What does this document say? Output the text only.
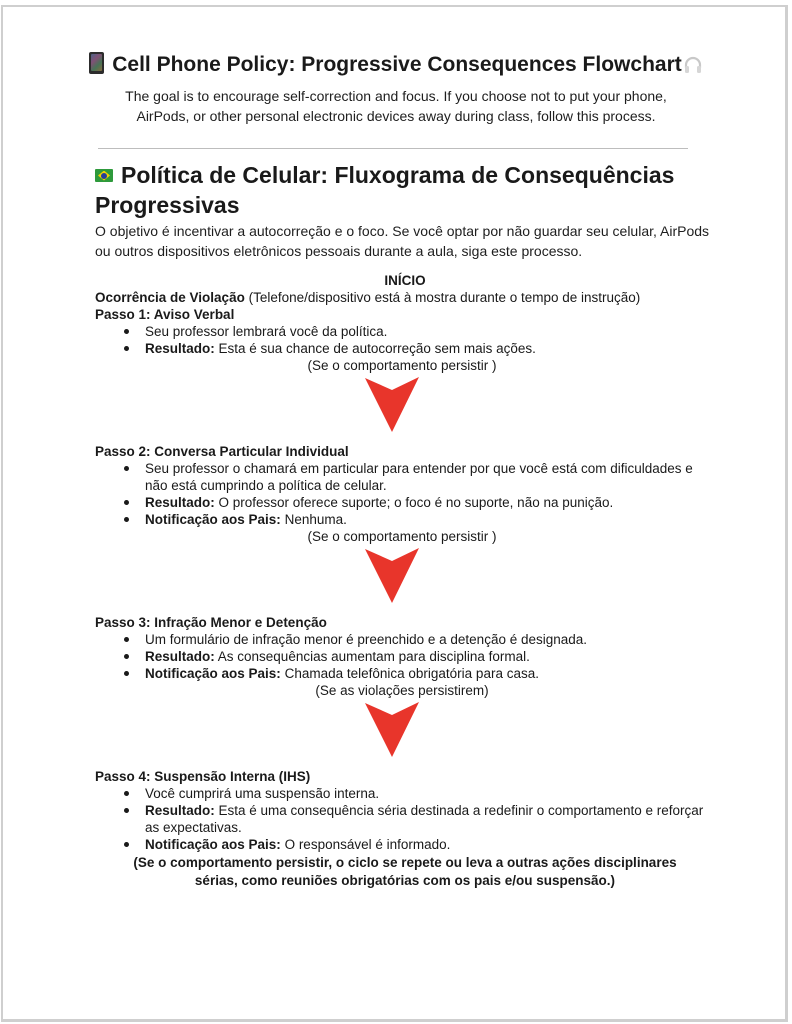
Cell Phone Policy: Progressive Consequences Flowchart
The goal is to encourage self-correction and focus. If you choose not to put your phone,
AirPods, or other personal electronic devices away during class, follow this process.
Política de Celular: Fluxograma de Consequências Progressivas
O objetivo é incentivar a autocorreção e o foco. Se você optar por não guardar seu celular, AirPods ou outros dispositivos eletrônicos pessoais durante a aula, siga este processo.
INÍCIO
Ocorrência de Violação (Telefone/dispositivo está à mostra durante o tempo de instrução)
Passo 1: Aviso Verbal
Seu professor lembrará você da política.
Resultado: Esta é sua chance de autocorreção sem mais ações.
(Se o comportamento persistir )
Passo 2: Conversa Particular Individual
Seu professor o chamará em particular para entender por que você está com dificuldades e não está cumprindo a política de celular.
Resultado: O professor oferece suporte; o foco é no suporte, não na punição.
Notificação aos Pais: Nenhuma.
(Se o comportamento persistir )
Passo 3: Infração Menor e Detenção
Um formulário de infração menor é preenchido e a detenção é designada.
Resultado: As consequências aumentam para disciplina formal.
Notificação aos Pais: Chamada telefônica obrigatória para casa.
(Se as violações persistirem)
Passo 4: Suspensão Interna (IHS)
Você cumprirá uma suspensão interna.
Resultado: Esta é uma consequência séria destinada a redefinir o comportamento e reforçar as expectativas.
Notificação aos Pais: O responsável é informado.
(Se o comportamento persistir, o ciclo se repete ou leva a outras ações disciplinares
sérias, como reuniões obrigatórias com os pais e/ou suspensão.)
